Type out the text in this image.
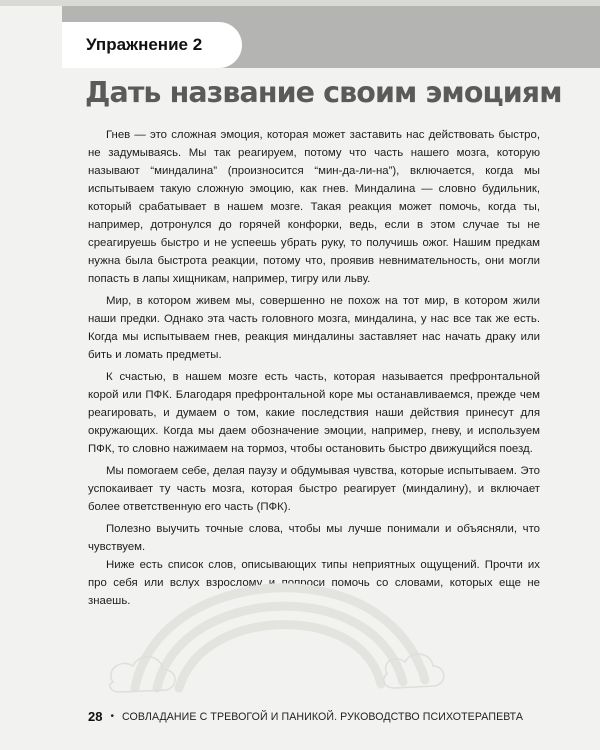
Упражнение 2
Дать название своим эмоциям

Гнев — это сложная эмоция, которая может заставить нас действовать быстро, не задумываясь. Мы так реагируем, потому что часть нашего мозга, которую называют “миндалина” (произносится “мин-да-ли-на”), включается, когда мы испытываем такую сложную эмоцию, как гнев. Миндалина — словно будильник, который срабатывает в нашем мозге. Такая реакция может помочь, когда ты, например, дотронулся до горячей конфорки, ведь, если в этом случае ты не среагируешь быстро и не успеешь убрать руку, то получишь ожог. Нашим предкам нужна была быстрота реакции, потому что, проявив невнимательность, они могли попасть в лапы хищникам, например, тигру или льву.

Мир, в котором живем мы, совершенно не похож на тот мир, в котором жили наши предки. Однако эта часть головного мозга, миндалина, у нас все так же есть. Когда мы испытываем гнев, реакция миндалины заставляет нас начать драку или бить и ломать предметы.

К счастью, в нашем мозге есть часть, которая называется префронтальной корой или ПФК. Благодаря префронтальной коре мы останавливаемся, прежде чем реагировать, и думаем о том, какие последствия наши действия принесут для окружающих. Когда мы даем обозначение эмоции, например, гневу, и используем ПФК, то словно нажимаем на тормоз, чтобы остановить быстро движущийся поезд.

Мы помогаем себе, делая паузу и обдумывая чувства, которые испытываем. Это успокаивает ту часть мозга, которая быстро реагирует (миндалину), и включает более ответственную его часть (ПФК).

Полезно выучить точные слова, чтобы мы лучше понимали и объясняли, что чувствуем.

Ниже есть список слов, описывающих типы неприятных ощущений. Прочти их про себя или вслух взрослому и попроси помочь со словами, которых еще не знаешь.

28 • СОВЛАДАНИЕ С ТРЕВОГОЙ И ПАНИКОЙ. РУКОВОДСТВО ПСИХОТЕРАПЕВТА
